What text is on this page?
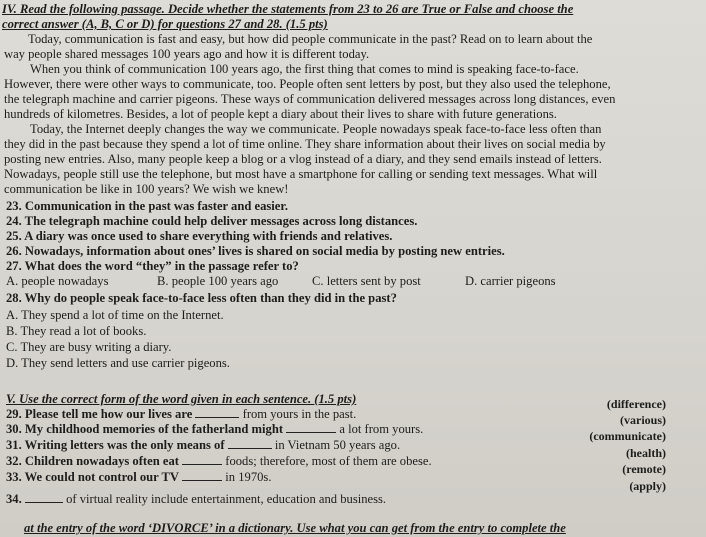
IV. Read the following passage. Decide whether the statements from 23 to 26 are True or False and choose the
correct answer (A, B, C or D) for questions 27 and 28. (1.5 pts)
Today, communication is fast and easy, but how did people communicate in the past? Read on to learn about the
way people shared messages 100 years ago and how it is different today.
When you think of communication 100 years ago, the first thing that comes to mind is speaking face-to-face.
However, there were other ways to communicate, too. People often sent letters by post, but they also used the telephone,
the telegraph machine and carrier pigeons. These ways of communication delivered messages across long distances, even
hundreds of kilometres. Besides, a lot of people kept a diary about their lives to share with future generations.
Today, the Internet deeply changes the way we communicate. People nowadays speak face-to-face less often than
they did in the past because they spend a lot of time online. They share information about their lives on social media by
posting new entries. Also, many people keep a blog or a vlog instead of a diary, and they send emails instead of letters.
Nowadays, people still use the telephone, but most have a smartphone for calling or sending text messages. What will
communication be like in 100 years? We wish we knew!
23. Communication in the past was faster and easier.
24. The telegraph machine could help deliver messages across long distances.
25. A diary was once used to share everything with friends and relatives.
26. Nowadays, information about ones’ lives is shared on social media by posting new entries.
27. What does the word “they” in the passage refer to?
A. people nowadays	B. people 100 years ago	C. letters sent by post	D. carrier pigeons
28. Why do people speak face-to-face less often than they did in the past?
A. They spend a lot of time on the Internet.
B. They read a lot of books.
C. They are busy writing a diary.
D. They send letters and use carrier pigeons.
V. Use the correct form of the word given in each sentence. (1.5 pts)
29. Please tell me how our lives are	from yours in the past.
(difference)
30. My childhood memories of the fatherland might	a lot from yours.
(various)
31. Writing letters was the only means of	in Vietnam 50 years ago.
(communicate)
32. Children nowadays often eat	foods; therefore, most of them are obese.
(health)
33. We could not control our TV	in 1970s.
(remote)
34.	of virtual reality include entertainment, education and business.
(apply)
at the entry of the word ‘DIVORCE’ in a dictionary. Use what you can get from the entry to complete the
